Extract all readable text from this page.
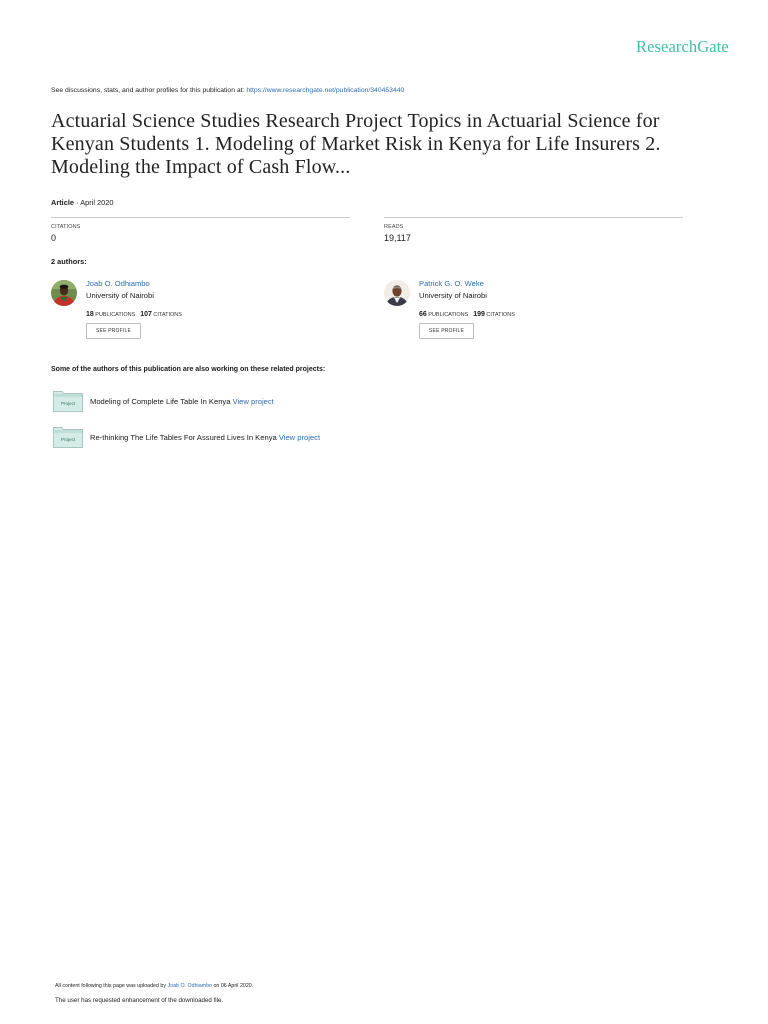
ResearchGate
See discussions, stats, and author profiles for this publication at: https://www.researchgate.net/publication/340453440
Actuarial Science Studies Research Project Topics in Actuarial Science for
Kenyan Students 1. Modeling of Market Risk in Kenya for Life Insurers 2.
Modeling the Impact of Cash Flow...
Article · April 2020
CITATIONS
0
READS
19,117
2 authors:
Joab O. Odhiambo
University of Nairobi
18 PUBLICATIONS 107 CITATIONS
SEE PROFILE
Patrick G. O. Weke
University of Nairobi
66 PUBLICATIONS 199 CITATIONS
SEE PROFILE
Some of the authors of this publication are also working on these related projects:
Project	Modeling of Complete Life Table In Kenya View project
Project	Re-thinking The Life Tables For Assured Lives In Kenya View project
All content following this page was uploaded by Joab O. Odhiambo on 06 April 2020.
The user has requested enhancement of the downloaded file.
